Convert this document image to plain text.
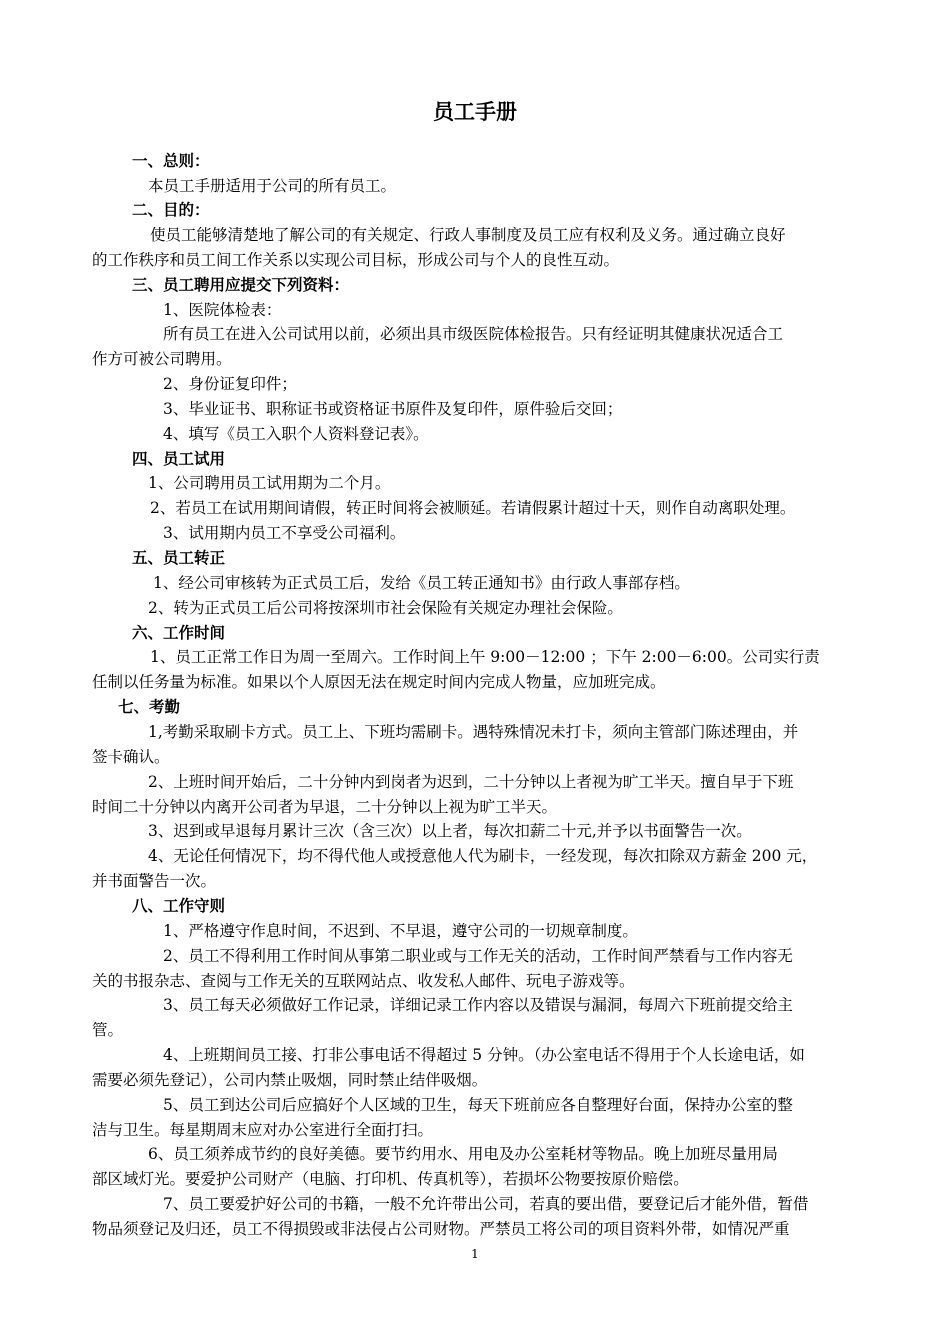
员工手册
一、总则：
本员工手册适用于公司的所有员工。
二、目的：
使员工能够清楚地了解公司的有关规定、行政人事制度及员工应有权利及义务。通过确立良好
的工作秩序和员工间工作关系以实现公司目标，形成公司与个人的良性互动。
三、员工聘用应提交下列资料：
1、医院体检表：
所有员工在进入公司试用以前，必须出具市级医院体检报告。只有经证明其健康状况适合工
作方可被公司聘用。
2、身份证复印件；
3、毕业证书、职称证书或资格证书原件及复印件，原件验后交回；
4、填写《员工入职个人资料登记表》。
四、员工试用
1、公司聘用员工试用期为二个月。
2、若员工在试用期间请假，转正时间将会被顺延。若请假累计超过十天，则作自动离职处理。
3、试用期内员工不享受公司福利。
五、员工转正
1、经公司审核转为正式员工后，发给《员工转正通知书》由行政人事部存档。
2、转为正式员工后公司将按深圳市社会保险有关规定办理社会保险。
六、工作时间
1、员工正常工作日为周一至周六。工作时间上午 9:00－12:00 ；下午 2:00－6:00。公司实行责
任制以任务量为标准。如果以个人原因无法在规定时间内完成人物量，应加班完成。
七、考勤
1,考勤采取刷卡方式。员工上、下班均需刷卡。遇特殊情况未打卡，须向主管部门陈述理由，并
签卡确认。
2、上班时间开始后，二十分钟内到岗者为迟到，二十分钟以上者视为旷工半天。擅自早于下班
时间二十分钟以内离开公司者为早退，二十分钟以上视为旷工半天。
3、迟到或早退每月累计三次（含三次）以上者，每次扣薪二十元,并予以书面警告一次。
4、无论任何情况下，均不得代他人或授意他人代为刷卡，一经发现，每次扣除双方薪金 200 元，
并书面警告一次。
八、工作守则
1、严格遵守作息时间，不迟到、不早退，遵守公司的一切规章制度。
2、员工不得利用工作时间从事第二职业或与工作无关的活动，工作时间严禁看与工作内容无
关的书报杂志、查阅与工作无关的互联网站点、收发私人邮件、玩电子游戏等。
3、员工每天必须做好工作记录，详细记录工作内容以及错误与漏洞，每周六下班前提交给主
管。
4、上班期间员工接、打非公事电话不得超过 5 分钟。（办公室电话不得用于个人长途电话，如
需要必须先登记），公司内禁止吸烟，同时禁止结伴吸烟。
5、员工到达公司后应搞好个人区域的卫生，每天下班前应各自整理好台面，保持办公室的整
洁与卫生。每星期周末应对办公室进行全面打扫。
6、员工须养成节约的良好美德。要节约用水、用电及办公室耗材等物品。晚上加班尽量用局
部区域灯光。要爱护公司财产（电脑、打印机、传真机等），若损坏公物要按原价赔偿。
7、员工要爱护好公司的书籍，一般不允许带出公司，若真的要出借，要登记后才能外借，暂借
物品须登记及归还，员工不得损毁或非法侵占公司财物。严禁员工将公司的项目资料外带，如情况严重
1
